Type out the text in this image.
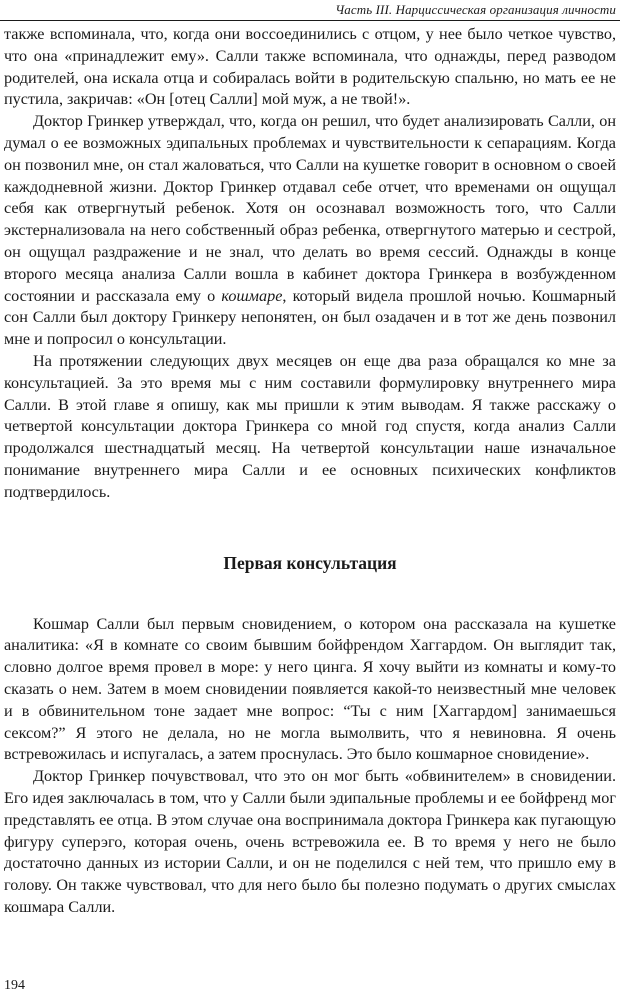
Часть III. Нарциссическая организация личности

также вспоминала, что, когда они воссоединились с отцом, у нее было четкое чувство, что она «принадлежит ему». Салли также вспоминала, что однажды, перед разводом родителей, она искала отца и собиралась войти в родительскую спальню, но мать ее не пустила, закричав: «Он [отец Салли] мой муж, а не твой!».

Доктор Гринкер утверждал, что, когда он решил, что будет анализировать Салли, он думал о ее возможных эдипальных проблемах и чувствительности к сепарациям. Когда он позвонил мне, он стал жаловаться, что Салли на кушетке говорит в основном о своей каждодневной жизни. Доктор Гринкер отдавал себе отчет, что временами он ощущал себя как отвергнутый ребенок. Хотя он осознавал возможность того, что Салли экстернализовала на него собственный образ ребенка, отвергнутого матерью и сестрой, он ощущал раздражение и не знал, что делать во время сессий. Однажды в конце второго месяца анализа Салли вошла в кабинет доктора Гринкера в возбужденном состоянии и рассказала ему о кошмаре, который видела прошлой ночью. Кошмарный сон Салли был доктору Гринкеру непонятен, он был озадачен и в тот же день позвонил мне и попросил о консультации.

На протяжении следующих двух месяцев он еще два раза обращался ко мне за консультацией. За это время мы с ним составили формулировку внутреннего мира Салли. В этой главе я опишу, как мы пришли к этим выводам. Я также расскажу о четвертой консультации доктора Гринкера со мной год спустя, когда анализ Салли продолжался шестнадцатый месяц. На четвертой консультации наше изначальное понимание внутреннего мира Салли и ее основных психических конфликтов подтвердилось.

Первая консультация

Кошмар Салли был первым сновидением, о котором она рассказала на кушетке аналитика: «Я в комнате со своим бывшим бойфрендом Хаггардом. Он выглядит так, словно долгое время провел в море: у него цинга. Я хочу выйти из комнаты и кому-то сказать о нем. Затем в моем сновидении появляется какой-то неизвестный мне человек и в обвинительном тоне задает мне вопрос: “Ты с ним [Хаггардом] занимаешься сексом?” Я этого не делала, но не могла вымолвить, что я невиновна. Я очень встревожилась и испугалась, а затем проснулась. Это было кошмарное сновидение».

Доктор Гринкер почувствовал, что это он мог быть «обвинителем» в сновидении. Его идея заключалась в том, что у Салли были эдипальные проблемы и ее бойфренд мог представлять ее отца. В этом случае она воспринимала доктора Гринкера как пугающую фигуру суперэго, которая очень, очень встревожила ее. В то время у него не было достаточно данных из истории Салли, и он не поделился с ней тем, что пришло ему в голову. Он также чувствовал, что для него было бы полезно подумать о других смыслах кошмара Салли.

194
